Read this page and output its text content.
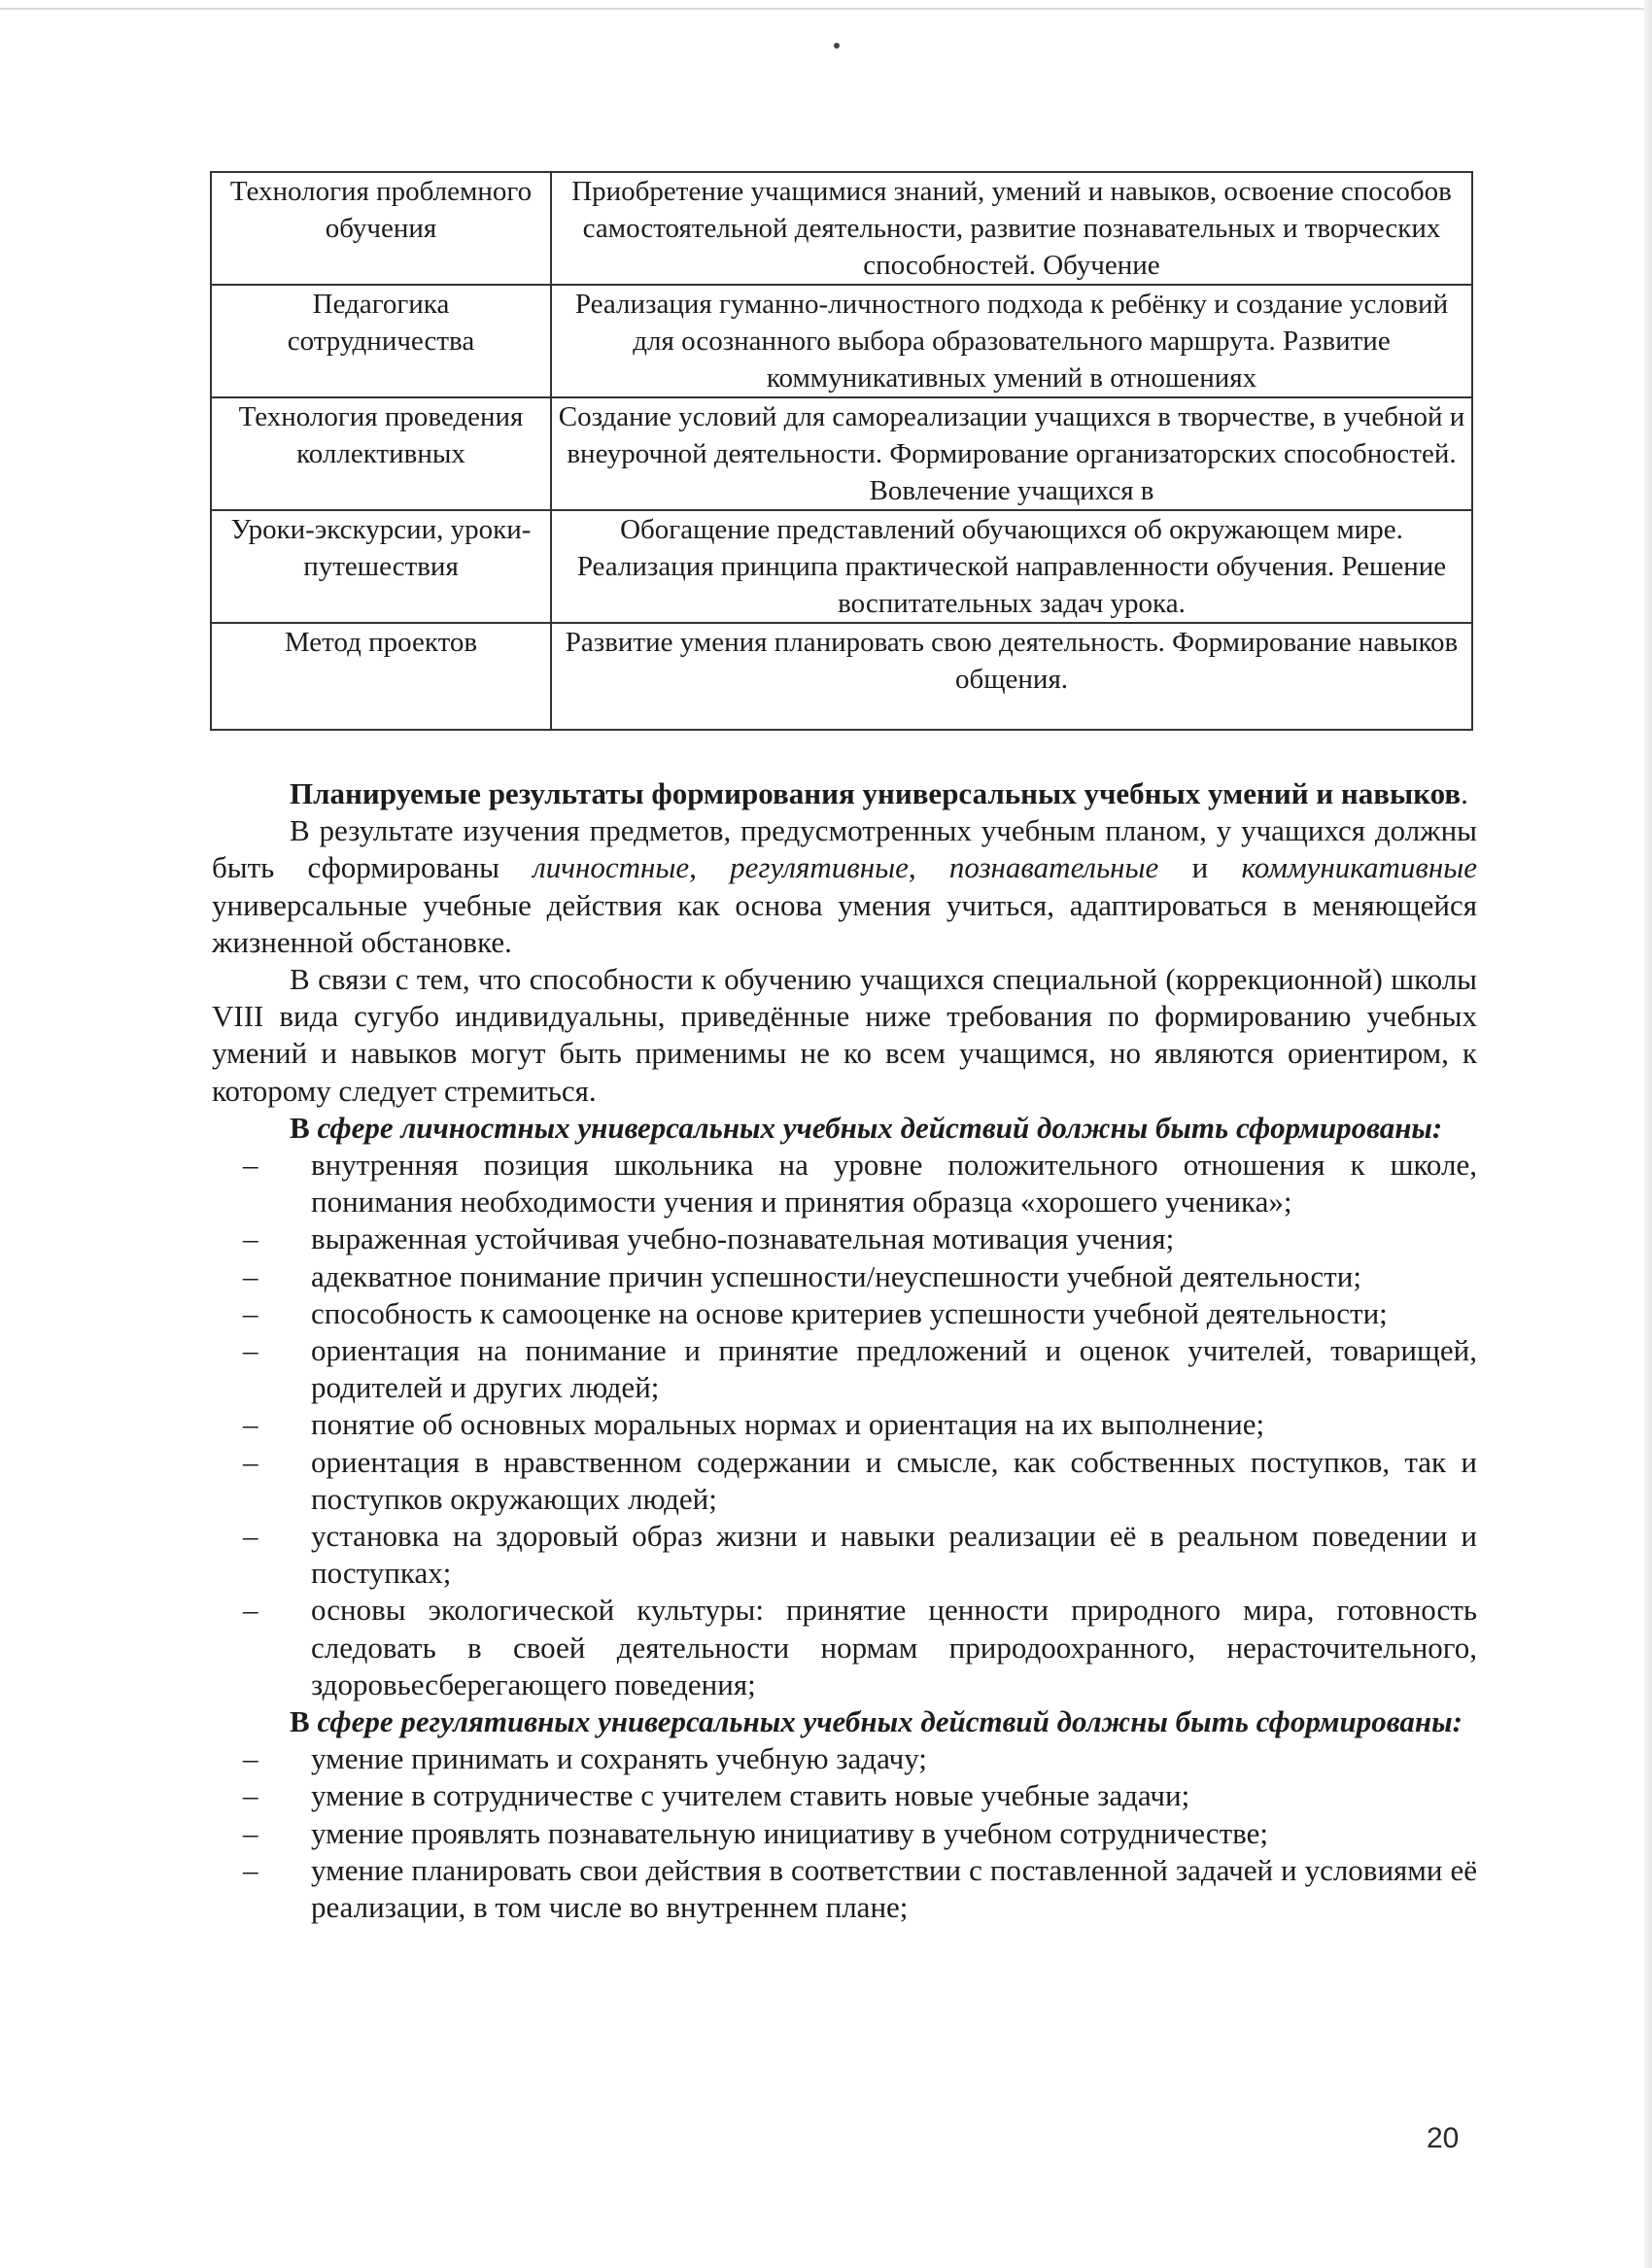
Технология проблемного обучения	Приобретение учащимися знаний, умений и навыков, освоение способов самостоятельной деятельности, развитие познавательных и творческих способностей. Обучение

Педагогика сотрудничества	Реализация гуманно-личностного подхода к ребёнку и создание условий для осознанного выбора образовательного маршрута. Развитие коммуникативных умений в отношениях

Технология проведения коллективных	Создание условий для самореализации учащихся в творчестве, в учебной и внеурочной деятельности. Формирование организаторских способностей. Вовлечение учащихся в

Уроки-экскурсии, уроки-путешествия	Обогащение представлений обучающихся об окружающем мире. Реализация принципа практической направленности обучения. Решение воспитательных задач урока.

Метод проектов	Развитие умения планировать свою деятельность. Формирование навыков общения.

Планируемые результаты формирования универсальных учебных умений и навыков.

В результате изучения предметов, предусмотренных учебным планом, у учащихся должны быть сформированы личностные, регулятивные, познавательные и коммуникативные универсальные учебные действия как основа умения учиться, адаптироваться в меняющейся жизненной обстановке.

В связи с тем, что способности к обучению учащихся специальной (коррекционной) школы VIII вида сугубо индивидуальны, приведённые ниже требования по формированию учебных умений и навыков могут быть применимы не ко всем учащимся, но являются ориентиром, к которому следует стремиться.

В сфере личностных универсальных учебных действий должны быть сформированы:

– внутренняя позиция школьника на уровне положительного отношения к школе, понимания необходимости учения и принятия образца «хорошего ученика»;
– выраженная устойчивая учебно-познавательная мотивация учения;
– адекватное понимание причин успешности/неуспешности учебной деятельности;
– способность к самооценке на основе критериев успешности учебной деятельности;
– ориентация на понимание и принятие предложений и оценок учителей, товарищей, родителей и других людей;
– понятие об основных моральных нормах и ориентация на их выполнение;
– ориентация в нравственном содержании и смысле, как собственных поступков, так и поступков окружающих людей;
– установка на здоровый образ жизни и навыки реализации её в реальном поведении и поступках;
– основы экологической культуры: принятие ценности природного мира, готовность следовать в своей деятельности нормам природоохранного, нерасточительного, здоровьесберегающего поведения;

В сфере регулятивных универсальных учебных действий должны быть сформированы:

– умение принимать и сохранять учебную задачу;
– умение в сотрудничестве с учителем ставить новые учебные задачи;
– умение проявлять познавательную инициативу в учебном сотрудничестве;
– умение планировать свои действия в соответствии с поставленной задачей и условиями её реализации, в том числе во внутреннем плане;
20
